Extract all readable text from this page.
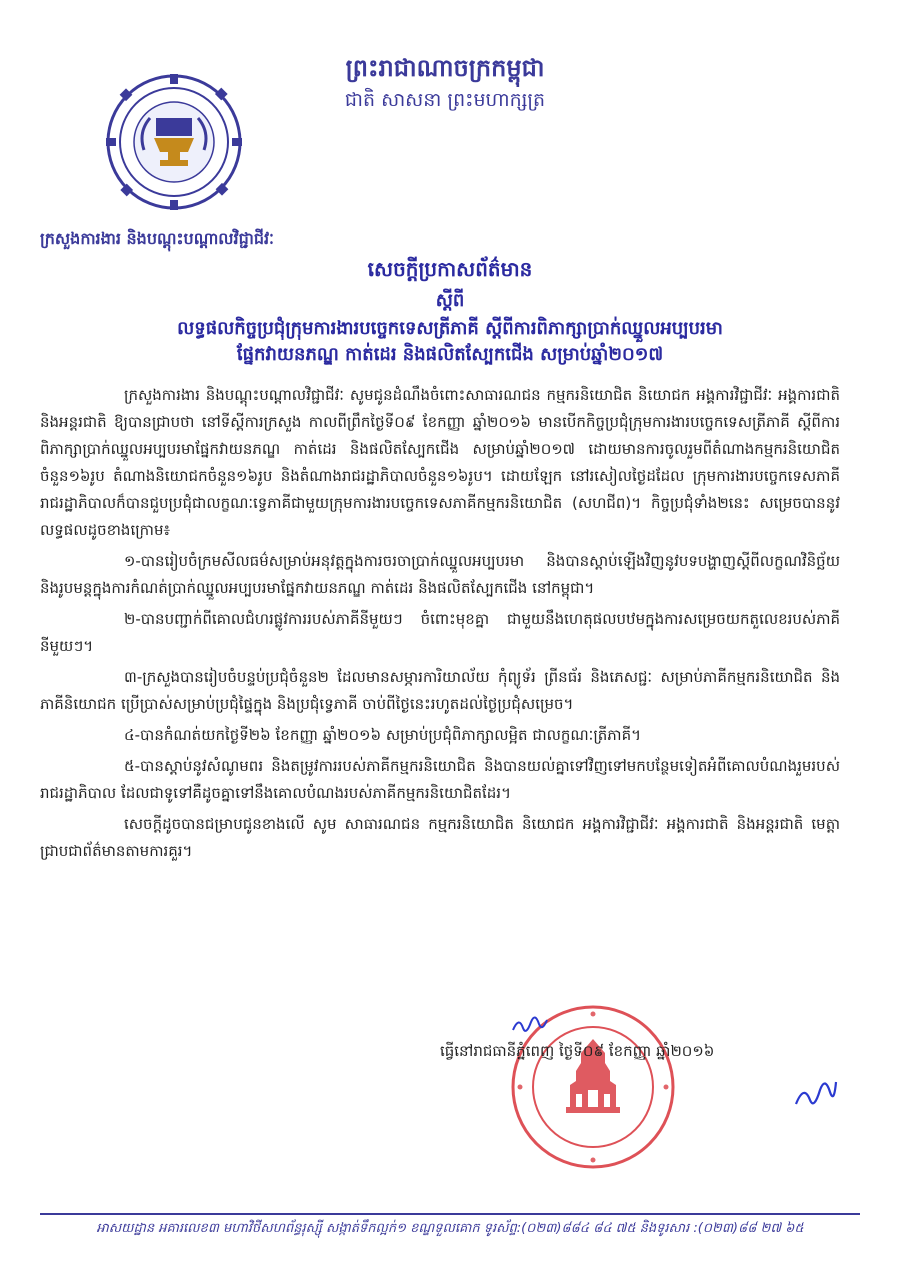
ព្រះរាជាណាចក្រកម្ពុជា
ជាតិ សាសនា ព្រះមហាក្សត្រ
ក្រសួងការងារ និងបណ្តុះបណ្តាលវិជ្ជាជីវៈ
សេចក្តីប្រកាសព័ត៌មាន
ស្តីពី
លទ្ធផលកិច្ចប្រជុំក្រុមការងារបច្ចេកទេសត្រីភាគី ស្តីពីការពិភាក្សាប្រាក់ឈ្នួលអប្បបរមា
ផ្នែកវាយនភណ្ឌ កាត់ដេរ និងផលិតស្បែកជើង សម្រាប់ឆ្នាំ២០១៧

ក្រសួងការងារ និងបណ្តុះបណ្តាលវិជ្ជាជីវៈ សូមជូនដំណឹងចំពោះសាធារណជន កម្មករនិយោជិត និយោជក អង្គការវិជ្ជាជីវៈ អង្គការជាតិ និងអន្តរជាតិ ឱ្យបានជ្រាបថា នៅទីស្តីការក្រសួង កាលពីព្រឹកថ្ងៃទី០៩ ខែកញ្ញា ឆ្នាំ២០១៦ មានបើកកិច្ចប្រជុំក្រុមការងារបច្ចេកទេសត្រីភាគី ស្តីពីការពិភាក្សាប្រាក់ឈ្នួលអប្បបរមាផ្នែកវាយនភណ្ឌ កាត់ដេរ និងផលិតស្បែកជើង សម្រាប់ឆ្នាំ២០១៧ ដោយមានការចូលរួមពីតំណាងកម្មករនិយោជិតចំនួន១៦រូប តំណាងនិយោជកចំនួន១៦រូប និងតំណាងរាជរដ្ឋាភិបាលចំនួន១៦រូប។ ដោយឡែក នៅរសៀលថ្ងៃដដែល ក្រុមការងារបច្ចេកទេសភាគីរាជរដ្ឋាភិបាលក៏បានជួបប្រជុំជាលក្ខណៈទ្វេភាគីជាមួយក្រុមការងារបច្ចេកទេសភាគីកម្មករនិយោជិត (សហជីព)។ កិច្ចប្រជុំទាំង២នេះ សម្រេចបាននូវលទ្ធផលដូចខាងក្រោម៖

១-បានរៀបចំក្រមសីលធម៌សម្រាប់អនុវត្តក្នុងការចរចាប្រាក់ឈ្នួលអប្បបរមា និងបានស្តាប់ឡើងវិញនូវបទបង្ហាញស្តីពីលក្ខណវិនិច្ឆ័យ និងរូបមន្តក្នុងការកំណត់ប្រាក់ឈ្នួលអប្បបរមាផ្នែកវាយនភណ្ឌ កាត់ដេរ និងផលិតស្បែកជើង នៅកម្ពុជា។

២-បានបញ្ជាក់ពីគោលជំហរផ្លូវការរបស់ភាគីនីមួយៗ ចំពោះមុខគ្នា ជាមួយនឹងហេតុផលបឋមក្នុងការសម្រេចយកតួលេខរបស់ភាគីនីមួយៗ។

៣-ក្រសួងបានរៀបចំបន្ទប់ប្រជុំចំនួន២ ដែលមានសម្ភារការិយាល័យ កុំព្យូទ័រ ព្រីនធ័រ និងភេសជ្ជៈ សម្រាប់ភាគីកម្មករនិយោជិត និងភាគីនិយោជក ប្រើប្រាស់សម្រាប់ប្រជុំផ្ទៃក្នុង និងប្រជុំទ្វេភាគី ចាប់ពីថ្ងៃនេះរហូតដល់ថ្ងៃប្រជុំសម្រេច។

៤-បានកំណត់យកថ្ងៃទី២៦ ខែកញ្ញា ឆ្នាំ២០១៦ សម្រាប់ប្រជុំពិភាក្សាលម្អិត ជាលក្ខណៈត្រីភាគី។

៥-បានស្តាប់នូវសំណូមពរ និងតម្រូវការរបស់ភាគីកម្មករនិយោជិត និងបានយល់គ្នាទៅវិញទៅមកបន្ថែមទៀតអំពីគោលបំណងរួមរបស់រាជរដ្ឋាភិបាល ដែលជាទូទៅគឺដូចគ្នាទៅនឹងគោលបំណងរបស់ភាគីកម្មករនិយោជិតដែរ។

សេចក្តីដូចបានជម្រាបជូនខាងលើ សូម សាធារណជន កម្មករនិយោជិត និយោជក អង្គការវិជ្ជាជីវៈ អង្គការជាតិ និងអន្តរជាតិ មេត្តាជ្រាបជាព័ត៌មានតាមការគួរ។

ធ្វើនៅរាជធានីភ្នំពេញ ថ្ងៃទី០៩ ខែកញ្ញា ឆ្នាំ២០១៦
អាសយដ្ឋាន អគារលេខ៣ មហាវិថីសហព័ន្ធរុស្ស៊ី សង្កាត់ទឹកល្អក់១ ខណ្ឌទួលគោក ទូរស័ព្ទ:(០២៣)៨៨៤ ៨៤ ៧៥ និងទូរសារ :(០២៣)៨៨ ២៧ ៦៥
